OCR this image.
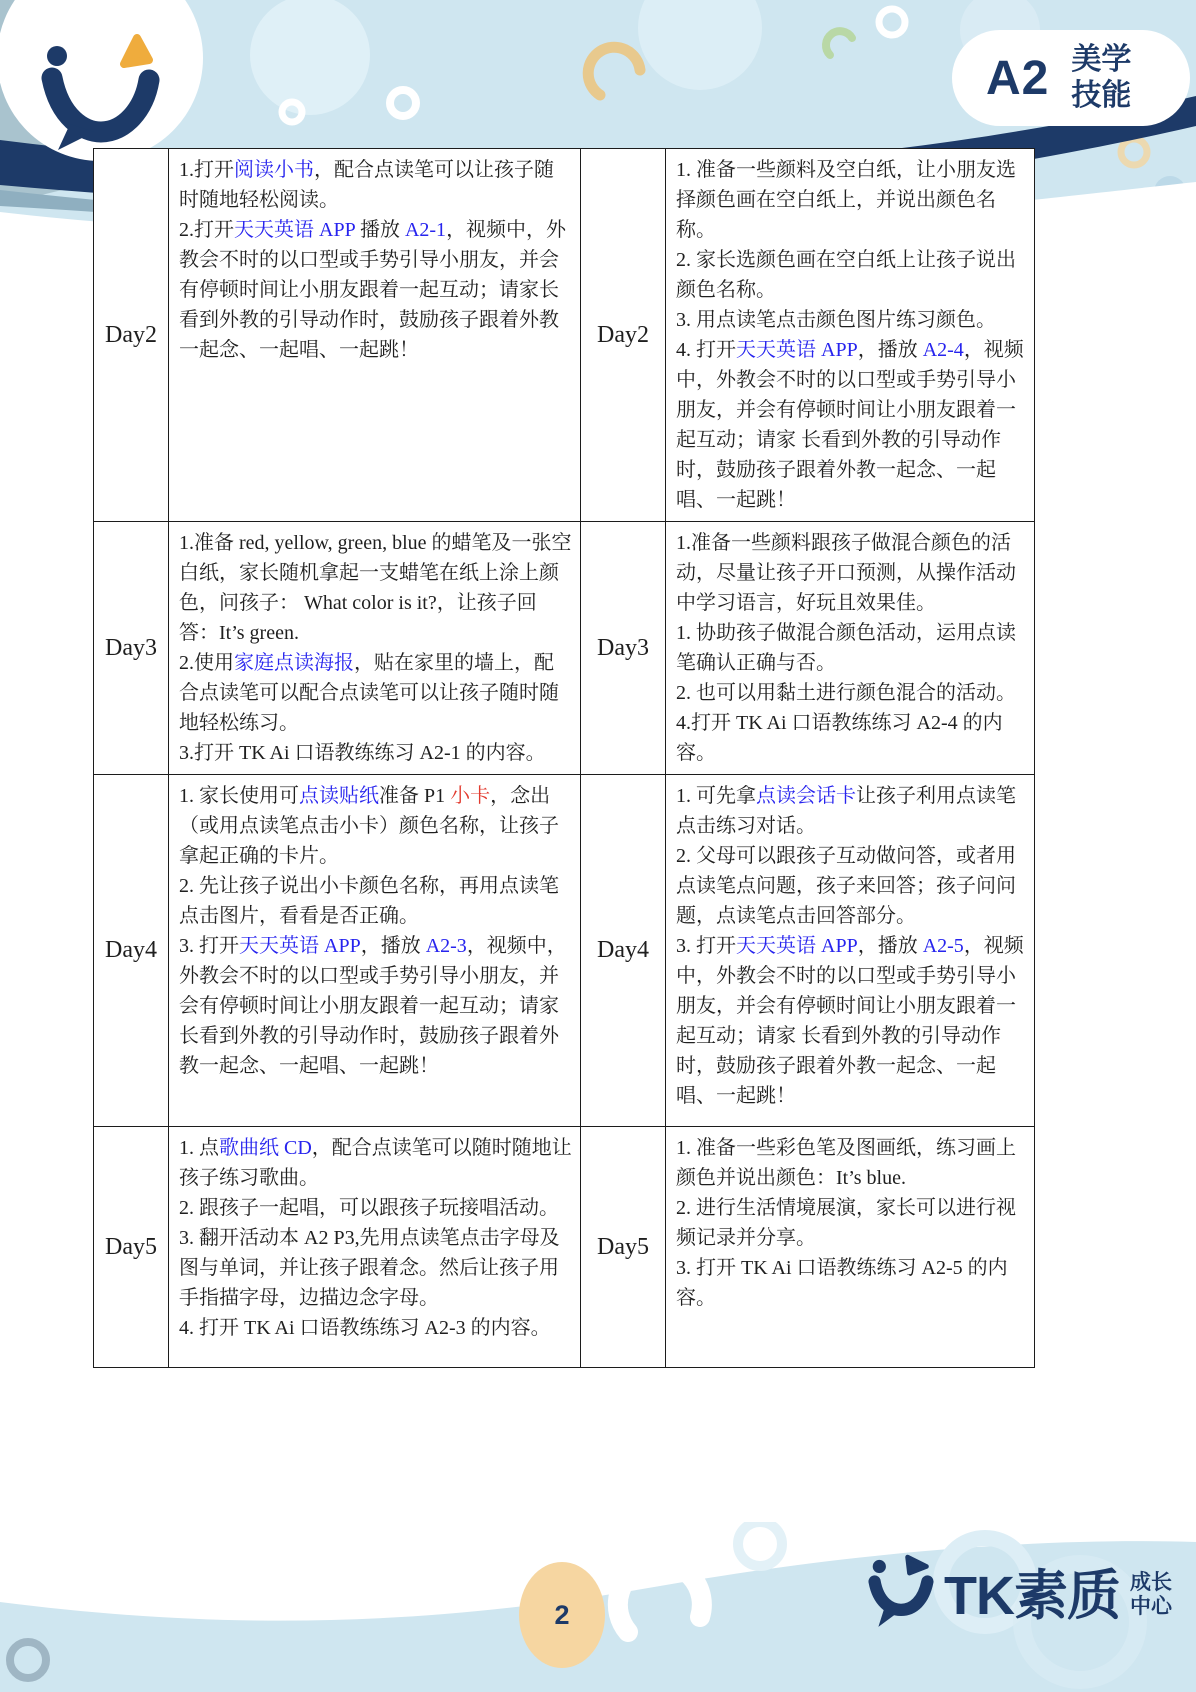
A2 美学
技能
Day2	
1.打开阅读小书，配合点读笔可以让孩子随时随地轻松阅读。
2.打开天天英语 APP 播放 A2-1，视频中，外教会不时的以口型或手势引导小朋友，并会有停顿时间让小朋友跟着一起互动；请家长看到外教的引导动作时，鼓励孩子跟着外教一起念、一起唱、一起跳！
	Day2	
1. 准备一些颜料及空白纸，让小朋友选择颜色画在空白纸上，并说出颜色名称。
2. 家长选颜色画在空白纸上让孩子说出颜色名称。
3. 用点读笔点击颜色图片练习颜色。
4. 打开天天英语 APP，播放 A2-4，视频中，外教会不时的以口型或手势引导小朋友，并会有停顿时间让小朋友跟着一起互动；请家 长看到外教的引导动作时，鼓励孩子跟着外教一起念、一起唱、一起跳！

Day3	
1.准备 red, yellow, green, blue 的蜡笔及一张空白纸，家长随机拿起一支蜡笔在纸上涂上颜色，问孩子： What color is it?，让孩子回答：It’s green.
2.使用家庭点读海报，贴在家里的墙上，配合点读笔可以配合点读笔可以让孩子随时随地轻松练习。
3.打开 TK Ai 口语教练练习 A2-1 的内容。
	Day3	
1.准备一些颜料跟孩子做混合颜色的活动，尽量让孩子开口预测，从操作活动中学习语言，好玩且效果佳。
1. 协助孩子做混合颜色活动，运用点读笔确认正确与否。
2. 也可以用黏土进行颜色混合的活动。
4.打开 TK Ai 口语教练练习 A2-4 的内容。

Day4	
1. 家长使用可点读贴纸准备 P1 小卡，念出（或用点读笔点击小卡）颜色名称，让孩子拿起正确的卡片。
2. 先让孩子说出小卡颜色名称，再用点读笔点击图片，看看是否正确。
3. 打开天天英语 APP，播放 A2-3，视频中，外教会不时的以口型或手势引导小朋友，并会有停顿时间让小朋友跟着一起互动；请家长看到外教的引导动作时，鼓励孩子跟着外教一起念、一起唱、一起跳！
	Day4	
1. 可先拿点读会话卡让孩子利用点读笔点击练习对话。
2. 父母可以跟孩子互动做问答，或者用点读笔点问题，孩子来回答；孩子问问题，点读笔点击回答部分。
3. 打开天天英语 APP，播放 A2-5，视频中，外教会不时的以口型或手势引导小朋友，并会有停顿时间让小朋友跟着一起互动；请家 长看到外教的引导动作时，鼓励孩子跟着外教一起念、一起唱、一起跳！

Day5	
1. 点歌曲纸 CD，配合点读笔可以随时随地让孩子练习歌曲。
2. 跟孩子一起唱，可以跟孩子玩接唱活动。
3. 翻开活动本 A2 P3,先用点读笔点击字母及图与单词，并让孩子跟着念。然后让孩子用手指描字母，边描边念字母。
4. 打开 TK Ai 口语教练练习 A2-3 的内容。
	Day5	
1. 准备一些彩色笔及图画纸，练习画上颜色并说出颜色：It’s blue.
2. 进行生活情境展演，家长可以进行视频记录并分享。
3. 打开 TK Ai 口语教练练习 A2-5 的内容。
2	TK素质 成长
中心
